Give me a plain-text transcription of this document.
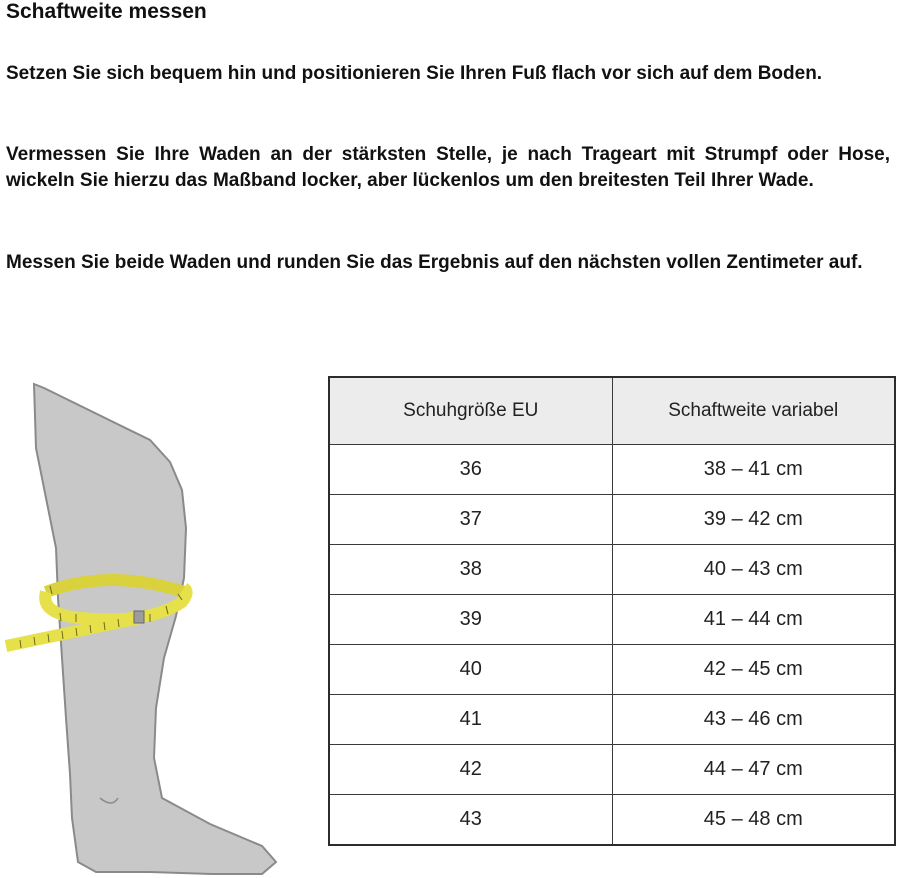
Schaftweite messen

Setzen Sie sich bequem hin und positionieren Sie Ihren Fuß flach vor sich auf dem Boden.

Vermessen Sie Ihre Waden an der stärksten Stelle, je nach Trageart mit Strumpf oder Hose, wickeln Sie hierzu das Maßband locker, aber lückenlos um den breitesten Teil Ihrer Wade.

Messen Sie beide Waden und runden Sie das Ergebnis auf den nächsten vollen Zentimeter auf.

Schuhgröße EU	Schaftweite variabel
36	38 – 41 cm
37	39 – 42 cm
38	40 – 43 cm
39	41 – 44 cm
40	42 – 45 cm
41	43 – 46 cm
42	44 – 47 cm
43	45 – 48 cm
